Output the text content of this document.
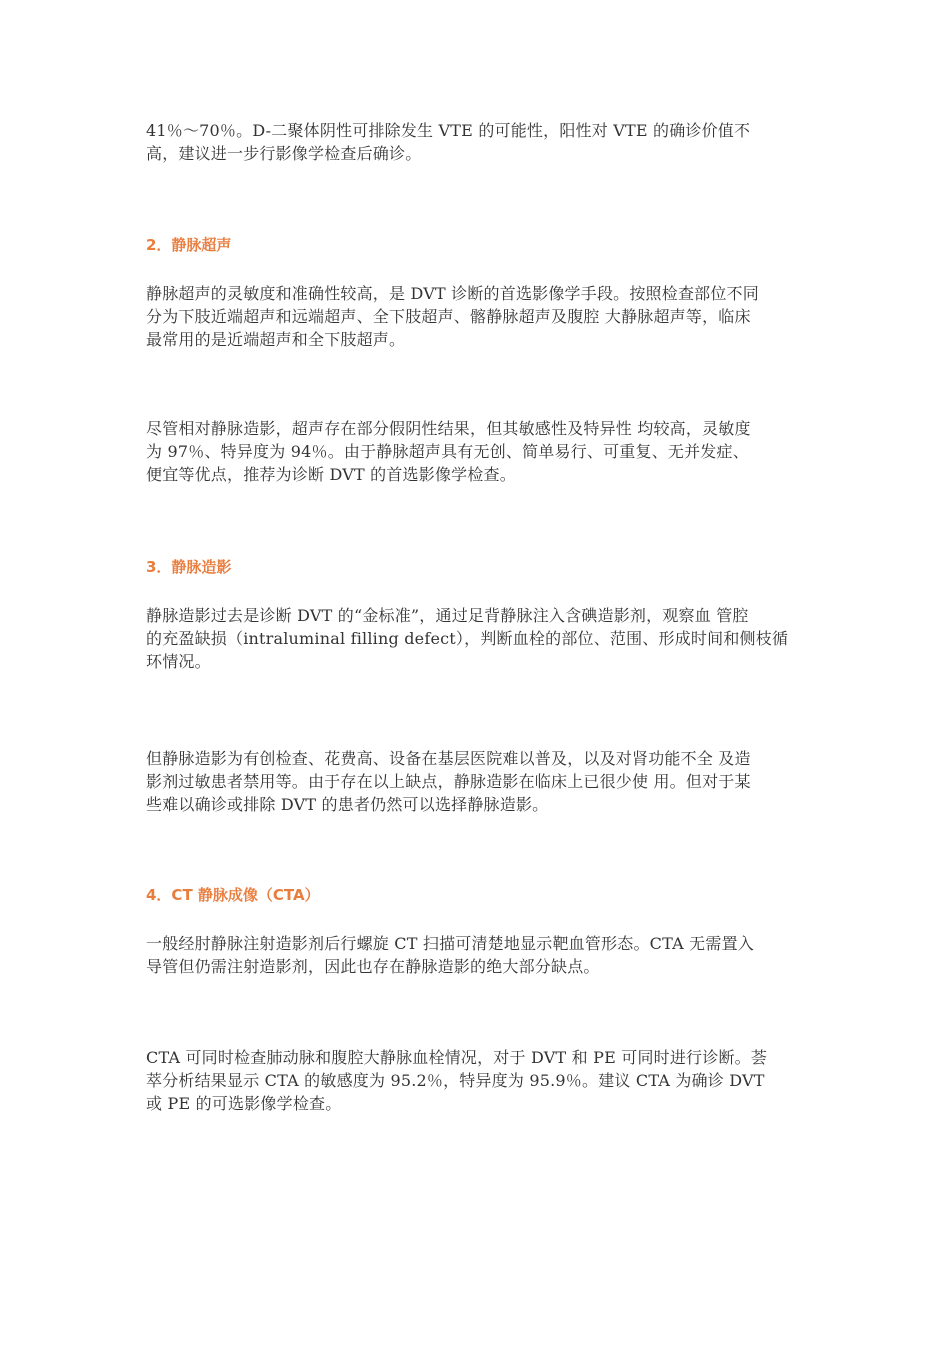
41％～70％。D-二聚体阴性可排除发生 VTE 的可能性，阳性对 VTE 的确诊价值不
高，建议进一步行影像学检查后确诊。

2．静脉超声

静脉超声的灵敏度和准确性较高，是 DVT 诊断的首选影像学手段。按照检查部位不同
分为下肢近端超声和远端超声、全下肢超声、髂静脉超声及腹腔 大静脉超声等，临床
最常用的是近端超声和全下肢超声。

尽管相对静脉造影，超声存在部分假阴性结果，但其敏感性及特异性 均较高，灵敏度
为 97％、特异度为 94％。由于静脉超声具有无创、简单易行、可重复、无并发症、
便宜等优点，推荐为诊断 DVT 的首选影像学检查。

3．静脉造影

静脉造影过去是诊断 DVT 的“金标准”，通过足背静脉注入含碘造影剂，观察血 管腔
的充盈缺损（intraluminal filling defect），判断血栓的部位、范围、形成时间和侧枝循
环情况。

但静脉造影为有创检查、花费高、设备在基层医院难以普及，以及对肾功能不全 及造
影剂过敏患者禁用等。由于存在以上缺点，静脉造影在临床上已很少使 用。但对于某
些难以确诊或排除 DVT 的患者仍然可以选择静脉造影。

4．CT 静脉成像（CTA）

一般经肘静脉注射造影剂后行螺旋 CT 扫描可清楚地显示靶血管形态。CTA 无需置入
导管但仍需注射造影剂，因此也存在静脉造影的绝大部分缺点。

CTA 可同时检查肺动脉和腹腔大静脉血栓情况，对于 DVT 和 PE 可同时进行诊断。荟
萃分析结果显示 CTA 的敏感度为 95.2％，特异度为 95.9％。建议 CTA 为确诊 DVT
或 PE 的可选影像学检查。
